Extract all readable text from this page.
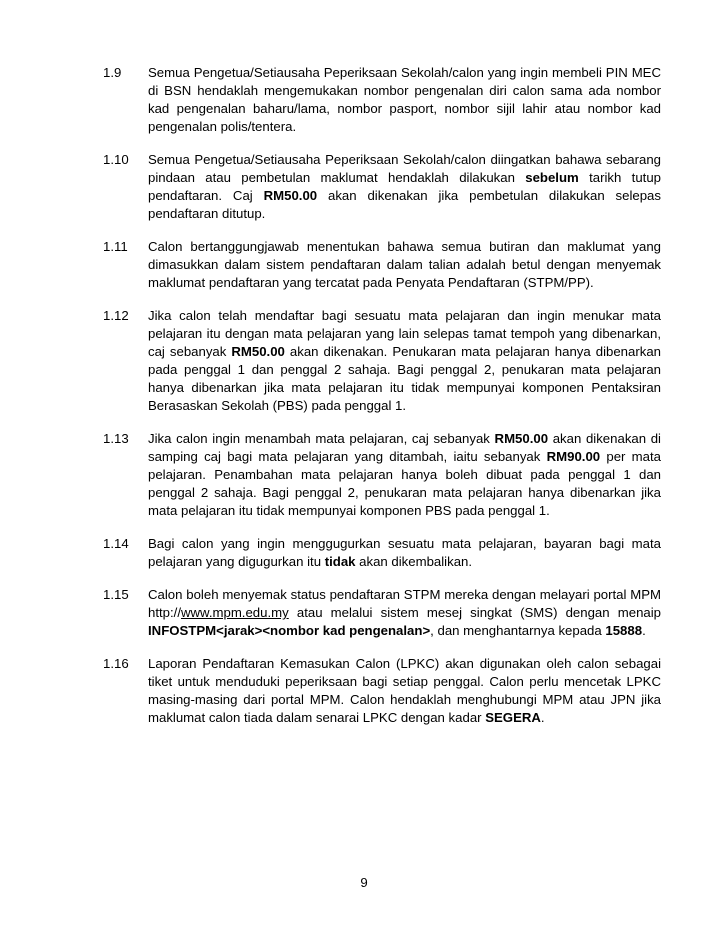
1.9 Semua Pengetua/Setiausaha Peperiksaan Sekolah/calon yang ingin membeli PIN MEC di BSN hendaklah mengemukakan nombor pengenalan diri calon sama ada nombor kad pengenalan baharu/lama, nombor pasport, nombor sijil lahir atau nombor kad pengenalan polis/tentera.
1.10 Semua Pengetua/Setiausaha Peperiksaan Sekolah/calon diingatkan bahawa sebarang pindaan atau pembetulan maklumat hendaklah dilakukan sebelum tarikh tutup pendaftaran. Caj RM50.00 akan dikenakan jika pembetulan dilakukan selepas pendaftaran ditutup.
1.11 Calon bertanggungjawab menentukan bahawa semua butiran dan maklumat yang dimasukkan dalam sistem pendaftaran dalam talian adalah betul dengan menyemak maklumat pendaftaran yang tercatat pada Penyata Pendaftaran (STPM/PP).
1.12 Jika calon telah mendaftar bagi sesuatu mata pelajaran dan ingin menukar mata pelajaran itu dengan mata pelajaran yang lain selepas tamat tempoh yang dibenarkan, caj sebanyak RM50.00 akan dikenakan. Penukaran mata pelajaran hanya dibenarkan pada penggal 1 dan penggal 2 sahaja. Bagi penggal 2, penukaran mata pelajaran hanya dibenarkan jika mata pelajaran itu tidak mempunyai komponen Pentaksiran Berasaskan Sekolah (PBS) pada penggal 1.
1.13 Jika calon ingin menambah mata pelajaran, caj sebanyak RM50.00 akan dikenakan di samping caj bagi mata pelajaran yang ditambah, iaitu sebanyak RM90.00 per mata pelajaran. Penambahan mata pelajaran hanya boleh dibuat pada penggal 1 dan penggal 2 sahaja. Bagi penggal 2, penukaran mata pelajaran hanya dibenarkan jika mata pelajaran itu tidak mempunyai komponen PBS pada penggal 1.
1.14 Bagi calon yang ingin menggugurkan sesuatu mata pelajaran, bayaran bagi mata pelajaran yang digugurkan itu tidak akan dikembalikan.
1.15 Calon boleh menyemak status pendaftaran STPM mereka dengan melayari portal MPM http://www.mpm.edu.my atau melalui sistem mesej singkat (SMS) dengan menaip INFOSTPM<jarak><nombor kad pengenalan>, dan menghantarnya kepada 15888.
1.16 Laporan Pendaftaran Kemasukan Calon (LPKC) akan digunakan oleh calon sebagai tiket untuk menduduki peperiksaan bagi setiap penggal. Calon perlu mencetak LPKC masing-masing dari portal MPM. Calon hendaklah menghubungi MPM atau JPN jika maklumat calon tiada dalam senarai LPKC dengan kadar SEGERA.
9
